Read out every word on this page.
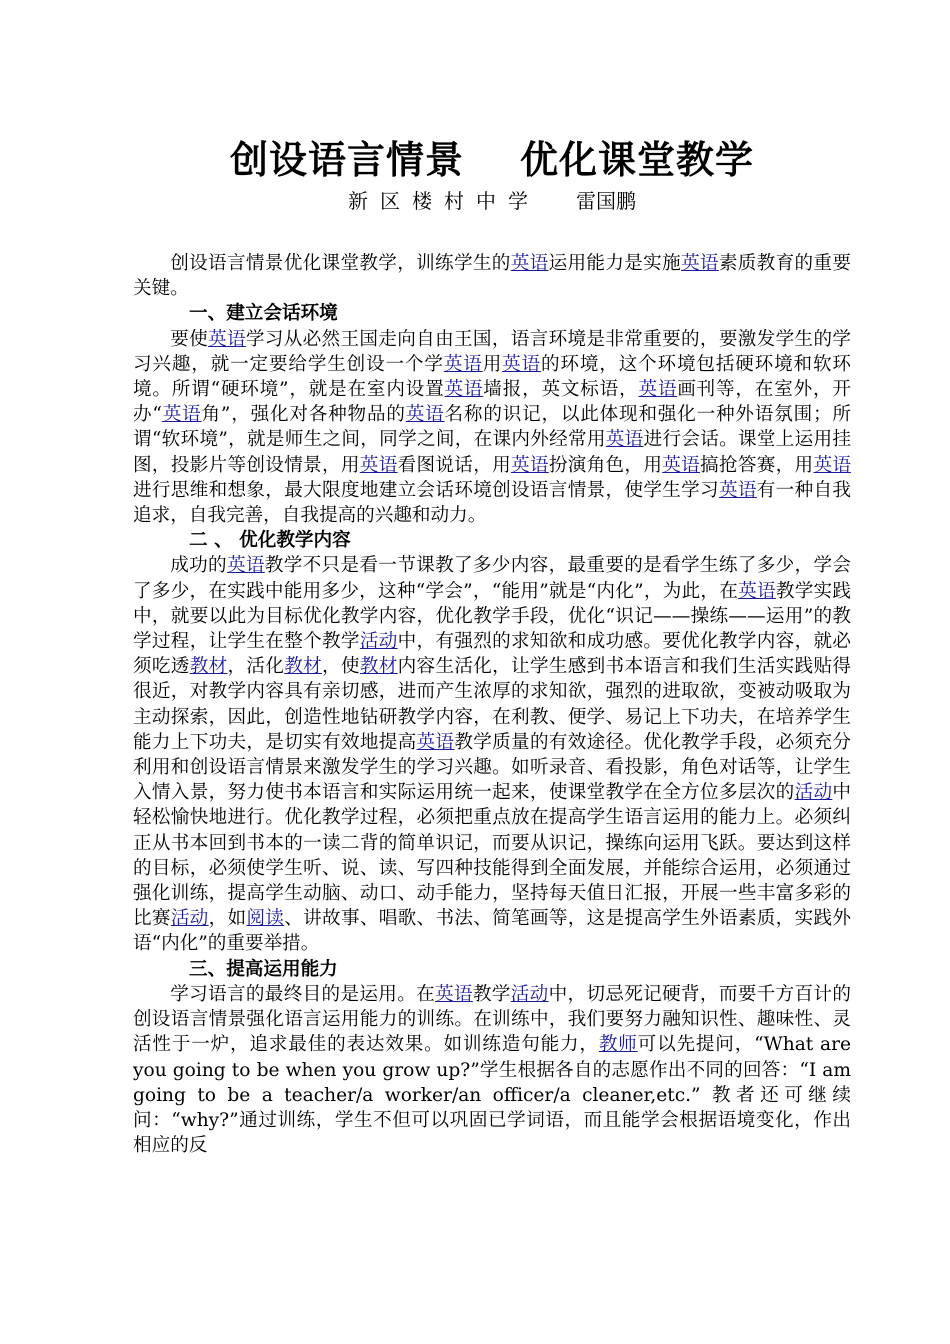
创设语言情景 优化课堂教学
新区楼村中学 雷国鹏

创设语言情景优化课堂教学，训练学生的英语运用能力是实施英语素质教育的重要关键。

一、建立会话环境

要使英语学习从必然王国走向自由王国，语言环境是非常重要的，要激发学生的学习兴趣，就一定要给学生创设一个学英语用英语的环境，这个环境包括硬环境和软环境。所谓“硬环境”，就是在室内设置英语墙报，英文标语，英语画刊等，在室外，开办“英语角”，强化对各种物品的英语名称的识记，以此体现和强化一种外语氛围；所谓“软环境”，就是师生之间，同学之间，在课内外经常用英语进行会话。课堂上运用挂图，投影片等创设情景，用英语看图说话，用英语扮演角色，用英语搞抢答赛，用英语进行思维和想象，最大限度地建立会话环境创设语言情景，使学生学习英语有一种自我追求，自我完善，自我提高的兴趣和动力。

二 、 优化教学内容

成功的英语教学不只是看一节课教了多少内容，最重要的是看学生练了多少，学会了多少，在实践中能用多少，这种“学会”，“能用”就是“内化”，为此，在英语教学实践中，就要以此为目标优化教学内容，优化教学手段，优化“识记——操练——运用”的教学过程，让学生在整个教学活动中，有强烈的求知欲和成功感。要优化教学内容，就必须吃透教材，活化教材，使教材内容生活化，让学生感到书本语言和我们生活实践贴得很近，对教学内容具有亲切感，进而产生浓厚的求知欲，强烈的进取欲，变被动吸取为主动探索，因此，创造性地钻研教学内容，在利教、便学、易记上下功夫，在培养学生能力上下功夫，是切实有效地提高英语教学质量的有效途径。优化教学手段，必须充分利用和创设语言情景来激发学生的学习兴趣。如听录音、看投影，角色对话等，让学生入情入景，努力使书本语言和实际运用统一起来，使课堂教学在全方位多层次的活动中轻松愉快地进行。优化教学过程，必须把重点放在提高学生语言运用的能力上。必须纠正从书本回到书本的一读二背的简单识记，而要从识记，操练向运用飞跃。要达到这样的目标，必须使学生听、说、读、写四种技能得到全面发展，并能综合运用，必须通过强化训练，提高学生动脑、动口、动手能力，坚持每天值日汇报，开展一些丰富多彩的比赛活动，如阅读、讲故事、唱歌、书法、简笔画等，这是提高学生外语素质，实践外语“内化”的重要举措。

三、提高运用能力

学习语言的最终目的是运用。在英语教学活动中，切忌死记硬背，而要千方百计的创设语言情景强化语言运用能力的训练。在训练中，我们要努力融知识性、趣味性、灵活性于一炉，追求最佳的表达效果。如训练造句能力，教师可以先提问，“What are you going to be when you grow up?”学生根据各自的志愿作出不同的回答：“I am going to be a teacher/a worker/an officer/a cleaner,etc.” 教者还可继续问：“why?”通过训练，学生不但可以巩固已学词语，而且能学会根据语境变化，作出相应的反
